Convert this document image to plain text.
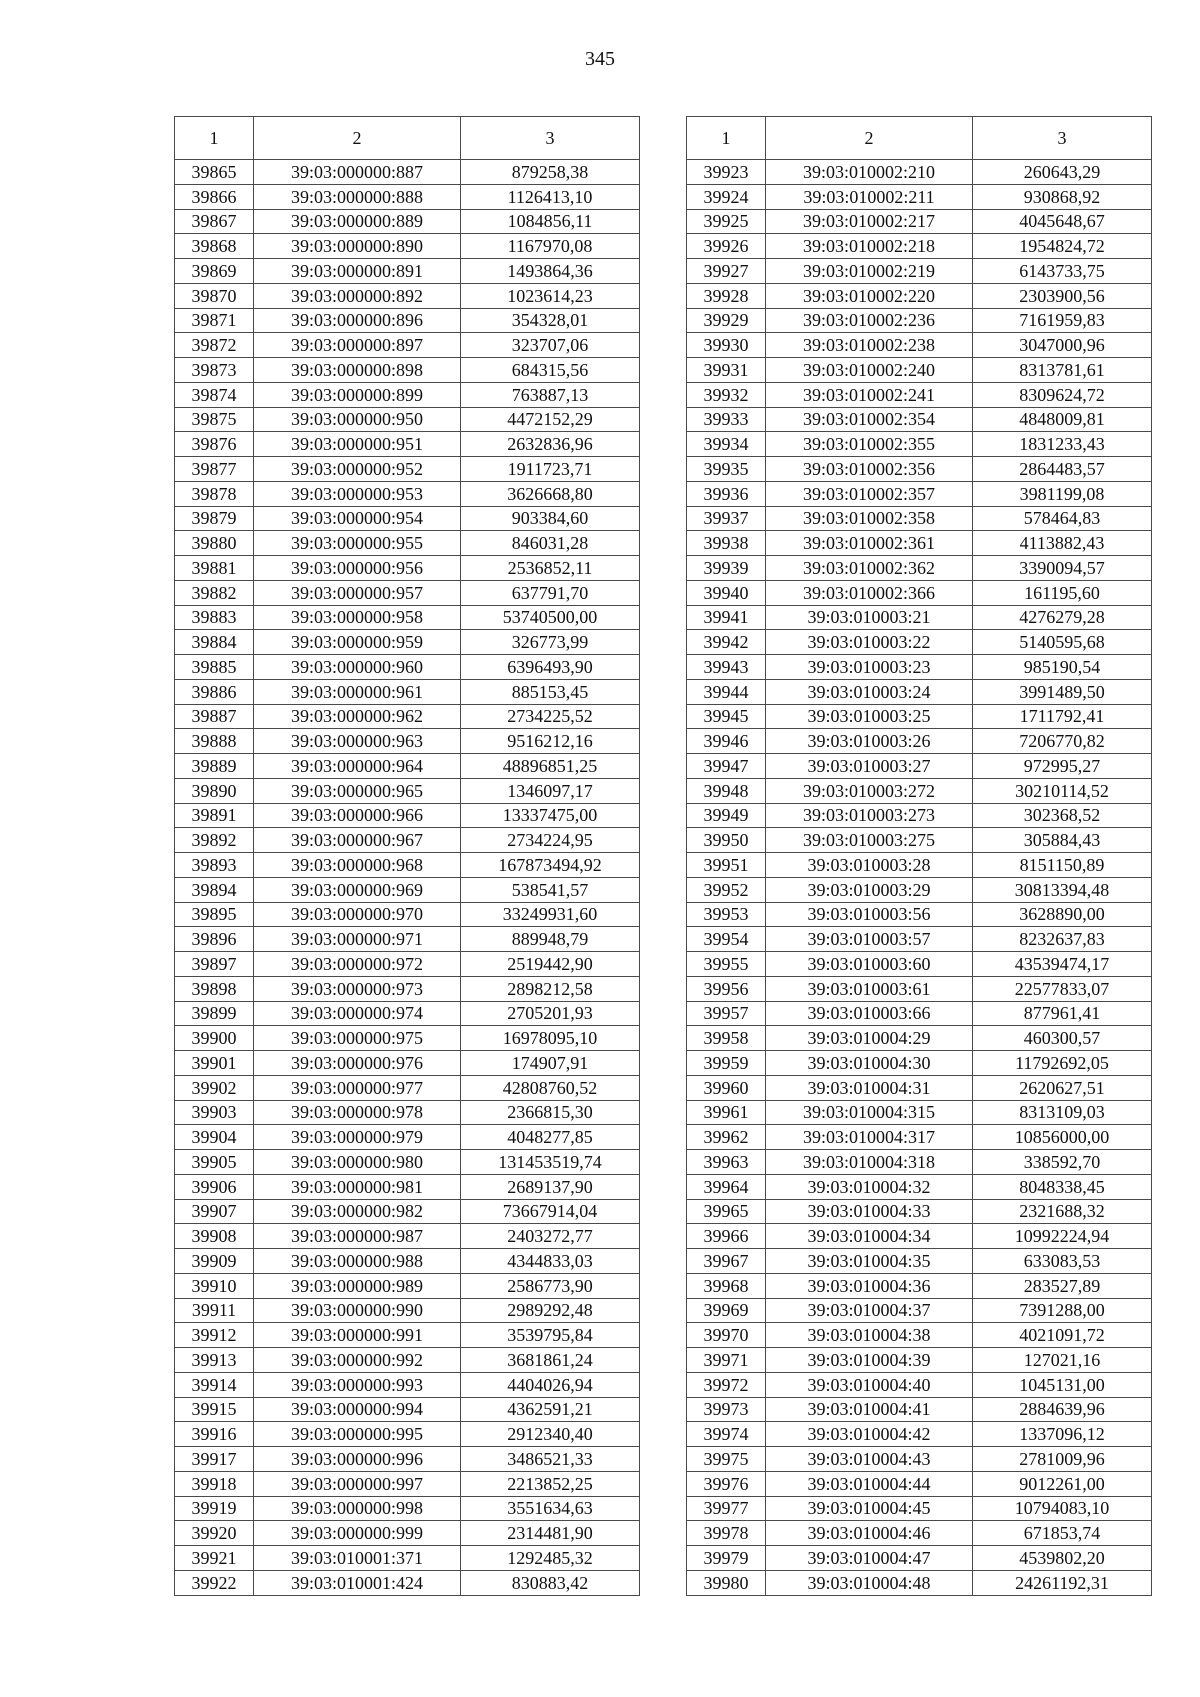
345
1	2	3
39865	39:03:000000:887	879258,38
39866	39:03:000000:888	1126413,10
39867	39:03:000000:889	1084856,11
39868	39:03:000000:890	1167970,08
39869	39:03:000000:891	1493864,36
39870	39:03:000000:892	1023614,23
39871	39:03:000000:896	354328,01
39872	39:03:000000:897	323707,06
39873	39:03:000000:898	684315,56
39874	39:03:000000:899	763887,13
39875	39:03:000000:950	4472152,29
39876	39:03:000000:951	2632836,96
39877	39:03:000000:952	1911723,71
39878	39:03:000000:953	3626668,80
39879	39:03:000000:954	903384,60
39880	39:03:000000:955	846031,28
39881	39:03:000000:956	2536852,11
39882	39:03:000000:957	637791,70
39883	39:03:000000:958	53740500,00
39884	39:03:000000:959	326773,99
39885	39:03:000000:960	6396493,90
39886	39:03:000000:961	885153,45
39887	39:03:000000:962	2734225,52
39888	39:03:000000:963	9516212,16
39889	39:03:000000:964	48896851,25
39890	39:03:000000:965	1346097,17
39891	39:03:000000:966	13337475,00
39892	39:03:000000:967	2734224,95
39893	39:03:000000:968	167873494,92
39894	39:03:000000:969	538541,57
39895	39:03:000000:970	33249931,60
39896	39:03:000000:971	889948,79
39897	39:03:000000:972	2519442,90
39898	39:03:000000:973	2898212,58
39899	39:03:000000:974	2705201,93
39900	39:03:000000:975	16978095,10
39901	39:03:000000:976	174907,91
39902	39:03:000000:977	42808760,52
39903	39:03:000000:978	2366815,30
39904	39:03:000000:979	4048277,85
39905	39:03:000000:980	131453519,74
39906	39:03:000000:981	2689137,90
39907	39:03:000000:982	73667914,04
39908	39:03:000000:987	2403272,77
39909	39:03:000000:988	4344833,03
39910	39:03:000000:989	2586773,90
39911	39:03:000000:990	2989292,48
39912	39:03:000000:991	3539795,84
39913	39:03:000000:992	3681861,24
39914	39:03:000000:993	4404026,94
39915	39:03:000000:994	4362591,21
39916	39:03:000000:995	2912340,40
39917	39:03:000000:996	3486521,33
39918	39:03:000000:997	2213852,25
39919	39:03:000000:998	3551634,63
39920	39:03:000000:999	2314481,90
39921	39:03:010001:371	1292485,32
39922	39:03:010001:424	830883,42
1	2	3
39923	39:03:010002:210	260643,29
39924	39:03:010002:211	930868,92
39925	39:03:010002:217	4045648,67
39926	39:03:010002:218	1954824,72
39927	39:03:010002:219	6143733,75
39928	39:03:010002:220	2303900,56
39929	39:03:010002:236	7161959,83
39930	39:03:010002:238	3047000,96
39931	39:03:010002:240	8313781,61
39932	39:03:010002:241	8309624,72
39933	39:03:010002:354	4848009,81
39934	39:03:010002:355	1831233,43
39935	39:03:010002:356	2864483,57
39936	39:03:010002:357	3981199,08
39937	39:03:010002:358	578464,83
39938	39:03:010002:361	4113882,43
39939	39:03:010002:362	3390094,57
39940	39:03:010002:366	161195,60
39941	39:03:010003:21	4276279,28
39942	39:03:010003:22	5140595,68
39943	39:03:010003:23	985190,54
39944	39:03:010003:24	3991489,50
39945	39:03:010003:25	1711792,41
39946	39:03:010003:26	7206770,82
39947	39:03:010003:27	972995,27
39948	39:03:010003:272	30210114,52
39949	39:03:010003:273	302368,52
39950	39:03:010003:275	305884,43
39951	39:03:010003:28	8151150,89
39952	39:03:010003:29	30813394,48
39953	39:03:010003:56	3628890,00
39954	39:03:010003:57	8232637,83
39955	39:03:010003:60	43539474,17
39956	39:03:010003:61	22577833,07
39957	39:03:010003:66	877961,41
39958	39:03:010004:29	460300,57
39959	39:03:010004:30	11792692,05
39960	39:03:010004:31	2620627,51
39961	39:03:010004:315	8313109,03
39962	39:03:010004:317	10856000,00
39963	39:03:010004:318	338592,70
39964	39:03:010004:32	8048338,45
39965	39:03:010004:33	2321688,32
39966	39:03:010004:34	10992224,94
39967	39:03:010004:35	633083,53
39968	39:03:010004:36	283527,89
39969	39:03:010004:37	7391288,00
39970	39:03:010004:38	4021091,72
39971	39:03:010004:39	127021,16
39972	39:03:010004:40	1045131,00
39973	39:03:010004:41	2884639,96
39974	39:03:010004:42	1337096,12
39975	39:03:010004:43	2781009,96
39976	39:03:010004:44	9012261,00
39977	39:03:010004:45	10794083,10
39978	39:03:010004:46	671853,74
39979	39:03:010004:47	4539802,20
39980	39:03:010004:48	24261192,31
